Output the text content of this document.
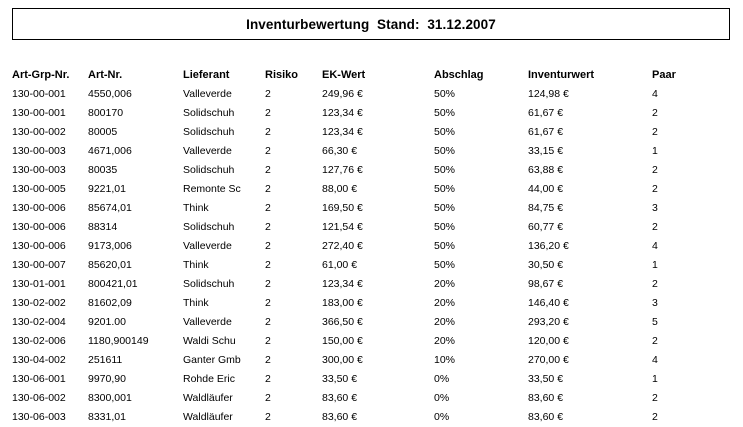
Inventurbewertung  Stand:  31.12.2007
Art-Grp-Nr.	Art-Nr.	Lieferant	Risiko	EK-Wert	Abschlag	Inventurwert	Paar
130-00-001	4550,006	Valleverde	2	249,96 €	50%	124,98 €	4
130-00-001	800170	Solidschuh	2	123,34 €	50%	61,67 €	2
130-00-002	80005	Solidschuh	2	123,34 €	50%	61,67 €	2
130-00-003	4671,006	Valleverde	2	66,30 €	50%	33,15 €	1
130-00-003	80035	Solidschuh	2	127,76 €	50%	63,88 €	2
130-00-005	9221,01	Remonte Sc	2	88,00 €	50%	44,00 €	2
130-00-006	85674,01	Think	2	169,50 €	50%	84,75 €	3
130-00-006	88314	Solidschuh	2	121,54 €	50%	60,77 €	2
130-00-006	9173,006	Valleverde	2	272,40 €	50%	136,20 €	4
130-00-007	85620,01	Think	2	61,00 €	50%	30,50 €	1
130-01-001	800421,01	Solidschuh	2	123,34 €	20%	98,67 €	2
130-02-002	81602,09	Think	2	183,00 €	20%	146,40 €	3
130-02-004	9201.00	Valleverde	2	366,50 €	20%	293,20 €	5
130-02-006	1180,900149	Waldi Schu	2	150,00 €	20%	120,00 €	2
130-04-002	251611	Ganter Gmb	2	300,00 €	10%	270,00 €	4
130-06-001	9970,90	Rohde Eric	2	33,50 €	0%	33,50 €	1
130-06-002	8300,001	Waldläufer	2	83,60 €	0%	83,60 €	2
130-06-003	8331,01	Waldläufer	2	83,60 €	0%	83,60 €	2
